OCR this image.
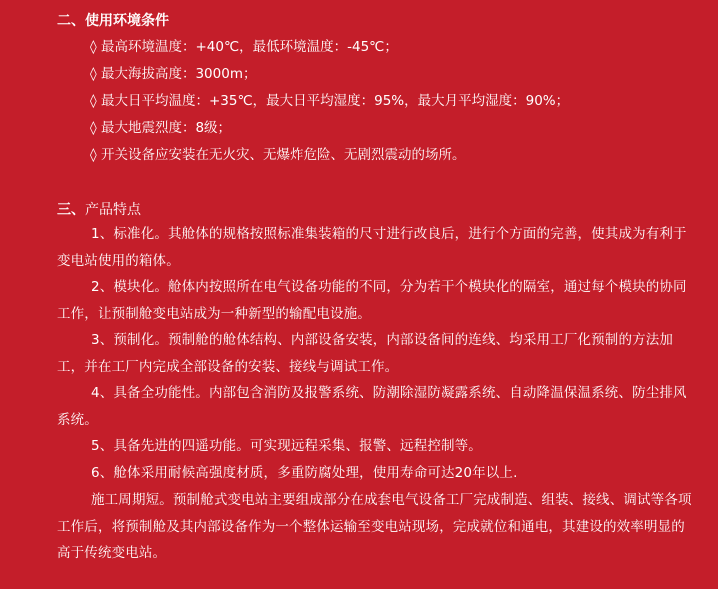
二、使用环境条件
◊ 最高环境温度：+40℃，最低环境温度：-45℃；
◊ 最大海拔高度：3000m；
◊ 最大日平均温度：+35℃，最大日平均湿度：95%，最大月平均湿度：90%；
◊ 最大地震烈度：8级；
◊ 开关设备应安装在无火灾、无爆炸危险、无剧烈震动的场所。
三、产品特点
1、标准化。其舱体的规格按照标准集装箱的尺寸进行改良后，进行个方面的完善，使其成为有利于变电站使用的箱体。
2、模块化。舱体内按照所在电气设备功能的不同，分为若干个模块化的隔室，通过每个模块的协同工作，让预制舱变电站成为一种新型的输配电设施。
3、预制化。预制舱的舱体结构、内部设备安装，内部设备间的连线、均采用工厂化预制的方法加工，并在工厂内完成全部设备的安装、接线与调试工作。
4、具备全功能性。内部包含消防及报警系统、防潮除湿防凝露系统、自动降温保温系统、防尘排风系统。
5、具备先进的四遥功能。可实现远程采集、报警、远程控制等。
6、舱体采用耐候高强度材质，多重防腐处理，使用寿命可达20年以上.
施工周期短。预制舱式变电站主要组成部分在成套电气设备工厂完成制造、组装、接线、调试等各项工作后，将预制舱及其内部设备作为一个整体运输至变电站现场，完成就位和通电，其建设的效率明显的高于传统变电站。
